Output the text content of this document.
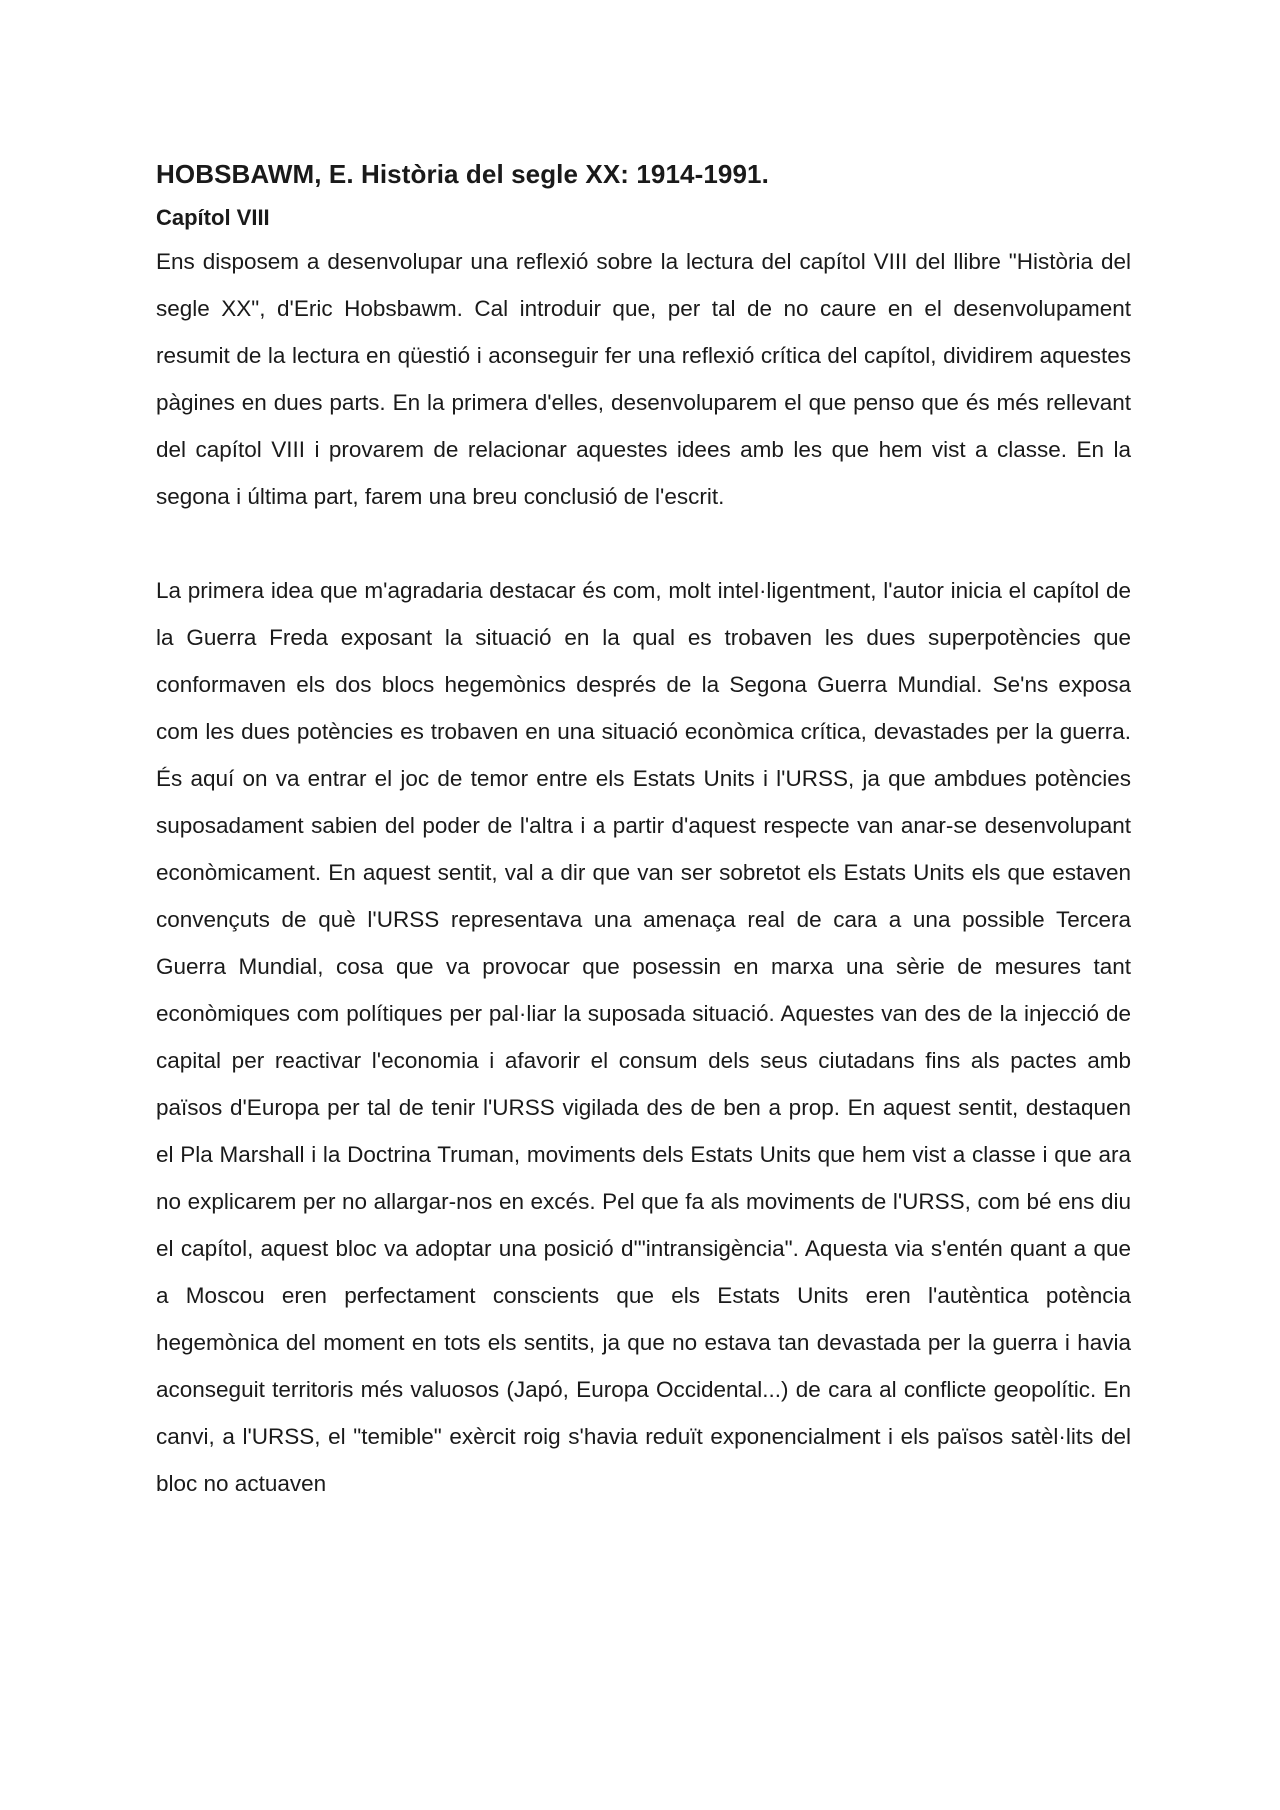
HOBSBAWM, E. Història del segle XX: 1914-1991.
Capítol VIII

Ens disposem a desenvolupar una reflexió sobre la lectura del capítol VIII del llibre "Història del segle XX", d'Eric Hobsbawm. Cal introduir que, per tal de no caure en el desenvolupament resumit de la lectura en qüestió i aconseguir fer una reflexió crítica del capítol, dividirem aquestes pàgines en dues parts. En la primera d'elles, desenvoluparem el que penso que és més rellevant del capítol VIII i provarem de relacionar aquestes idees amb les que hem vist a classe. En la segona i última part, farem una breu conclusió de l'escrit.

La primera idea que m'agradaria destacar és com, molt intel·ligentment, l'autor inicia el capítol de la Guerra Freda exposant la situació en la qual es trobaven les dues superpotències que conformaven els dos blocs hegemònics després de la Segona Guerra Mundial. Se'ns exposa com les dues potències es trobaven en una situació econòmica crítica, devastades per la guerra. És aquí on va entrar el joc de temor entre els Estats Units i l'URSS, ja que ambdues potències suposadament sabien del poder de l'altra i a partir d'aquest respecte van anar-se desenvolupant econòmicament. En aquest sentit, val a dir que van ser sobretot els Estats Units els que estaven convençuts de què l'URSS representava una amenaça real de cara a una possible Tercera Guerra Mundial, cosa que va provocar que posessin en marxa una sèrie de mesures tant econòmiques com polítiques per pal·liar la suposada situació. Aquestes van des de la injecció de capital per reactivar l'economia i afavorir el consum dels seus ciutadans fins als pactes amb països d'Europa per tal de tenir l'URSS vigilada des de ben a prop. En aquest sentit, destaquen el Pla Marshall i la Doctrina Truman, moviments dels Estats Units que hem vist a classe i que ara no explicarem per no allargar-nos en excés. Pel que fa als moviments de l'URSS, com bé ens diu el capítol, aquest bloc va adoptar una posició d'"intransigència". Aquesta via s'entén quant a que a Moscou eren perfectament conscients que els Estats Units eren l'autèntica potència hegemònica del moment en tots els sentits, ja que no estava tan devastada per la guerra i havia aconseguit territoris més valuosos (Japó, Europa Occidental...) de cara al conflicte geopolític. En canvi, a l'URSS, el "temible" exèrcit roig s'havia reduït exponencialment i els països satèl·lits del bloc no actuaven
